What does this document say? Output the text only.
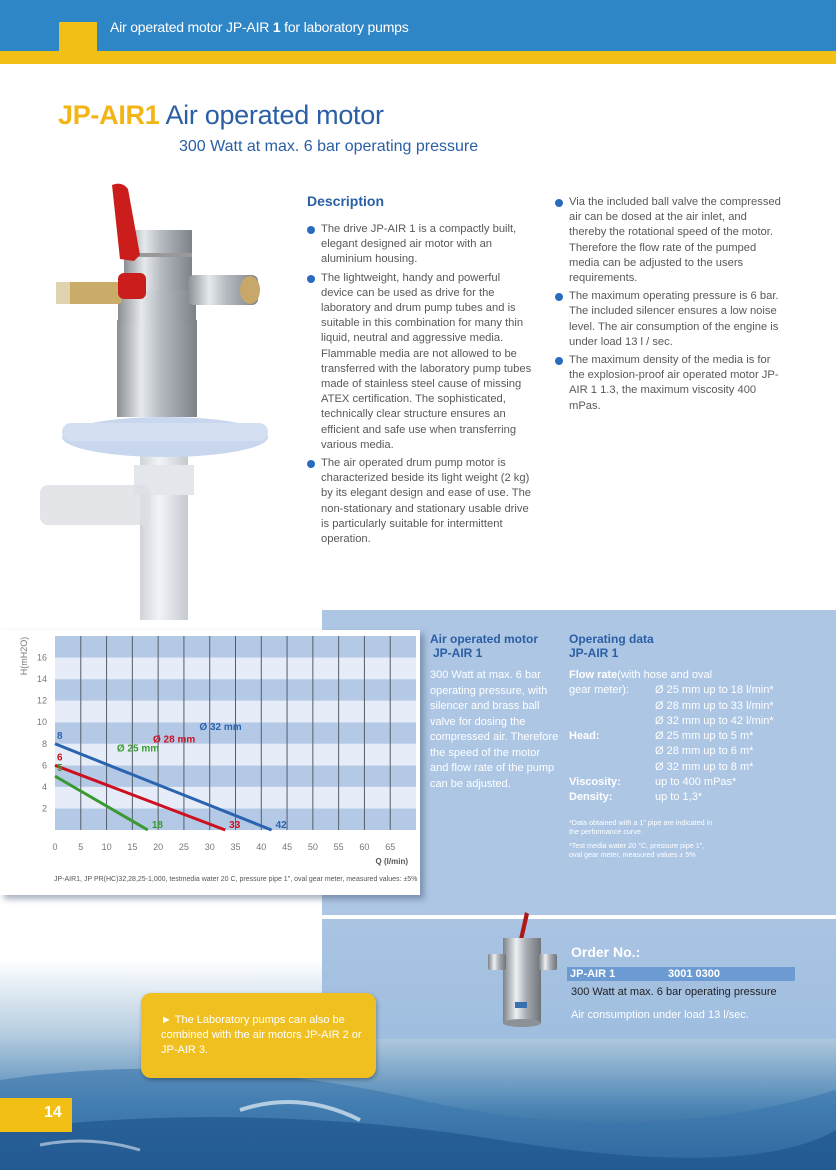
Air operated motor JP-AIR 1 for laboratory pumps
JP-AIR1 Air operated motor
300 Watt at max. 6 bar operating pressure
Description
The drive JP-AIR 1 is a compactly built, elegant designed air motor with an aluminium housing.
The lightweight, handy and powerful device can be used as drive for the laboratory and drum pump tubes and is suitable in this combination for many thin liquid, neutral and aggressive media. Flammable media are not allowed to be transferred with the laboratory pump tubes made of stainless steel cause of missing ATEX certification. The sophisticated, technically clear structure ensures an efficient and safe use when transferring various media.
The air operated drum pump motor is characterized beside its light weight (2 kg) by its elegant design and ease of use. The non-stationary and stationary usable drive is particularly suitable for intermittent operation.
Via the included ball valve the compressed air can be dosed at the air inlet, and thereby the rotational speed of the motor. Therefore the flow rate of the pumped media can be adjusted to the users requirements.
The maximum operating pressure is 6 bar. The included silencer ensures a low noise level. The air consumption of the engine is under load 13 l / sec.
The maximum density of the media is for the explosion-proof air operated motor JP-AIR 1 1.3, the maximum viscosity 400 mPas.
2
4
6
8
10
12
14
16
0 5 10 15 20 25 30 35 40 45 50 55 60 65
Q (l/min)
H(mH2O)
8
42
Ø 32 mm
6
33
Ø 28 mm
5
18
Ø 25 mm
JP-AIR1, JP PR(HC)32,28,25-1,000, testmedia water 20 C, pressure pipe 1", oval gear meter, measured values: ±5%
Air operated motor
JP-AIR 1
300 Watt at max. 6 bar operating pressure, with silencer and brass ball valve for dosing the compressed air. Therefore the speed of the motor and flow rate of the pump can be adjusted.
Operating data
JP-AIR 1
Flow rate (with hose and oval
gear meter):	Ø 25 mm up to 18 l/min*
Ø 28 mm up to 33 l/min*
Ø 32 mm up to 42 l/min*
Head:	Ø 25 mm up to 5 m*
Ø 28 mm up to 6 m*
Ø 32 mm up to 8 m*
Viscosity:	up to 400 mPas*
Density:	up to 1,3*

*Data obtained with a 1" pipe are indicated in the performance curve.

*Test media water 20 °C, pressure pipe 1", oval gear meter, measured values ± 5%

Order No.:
JP-AIR 1	3001 0300
300 Watt at max. 6 bar operating pressure
Air consumption under load 13 l/sec.
► The Laboratory pumps can also be combined with the air motors JP-AIR 2 or JP-AIR 3.
14
